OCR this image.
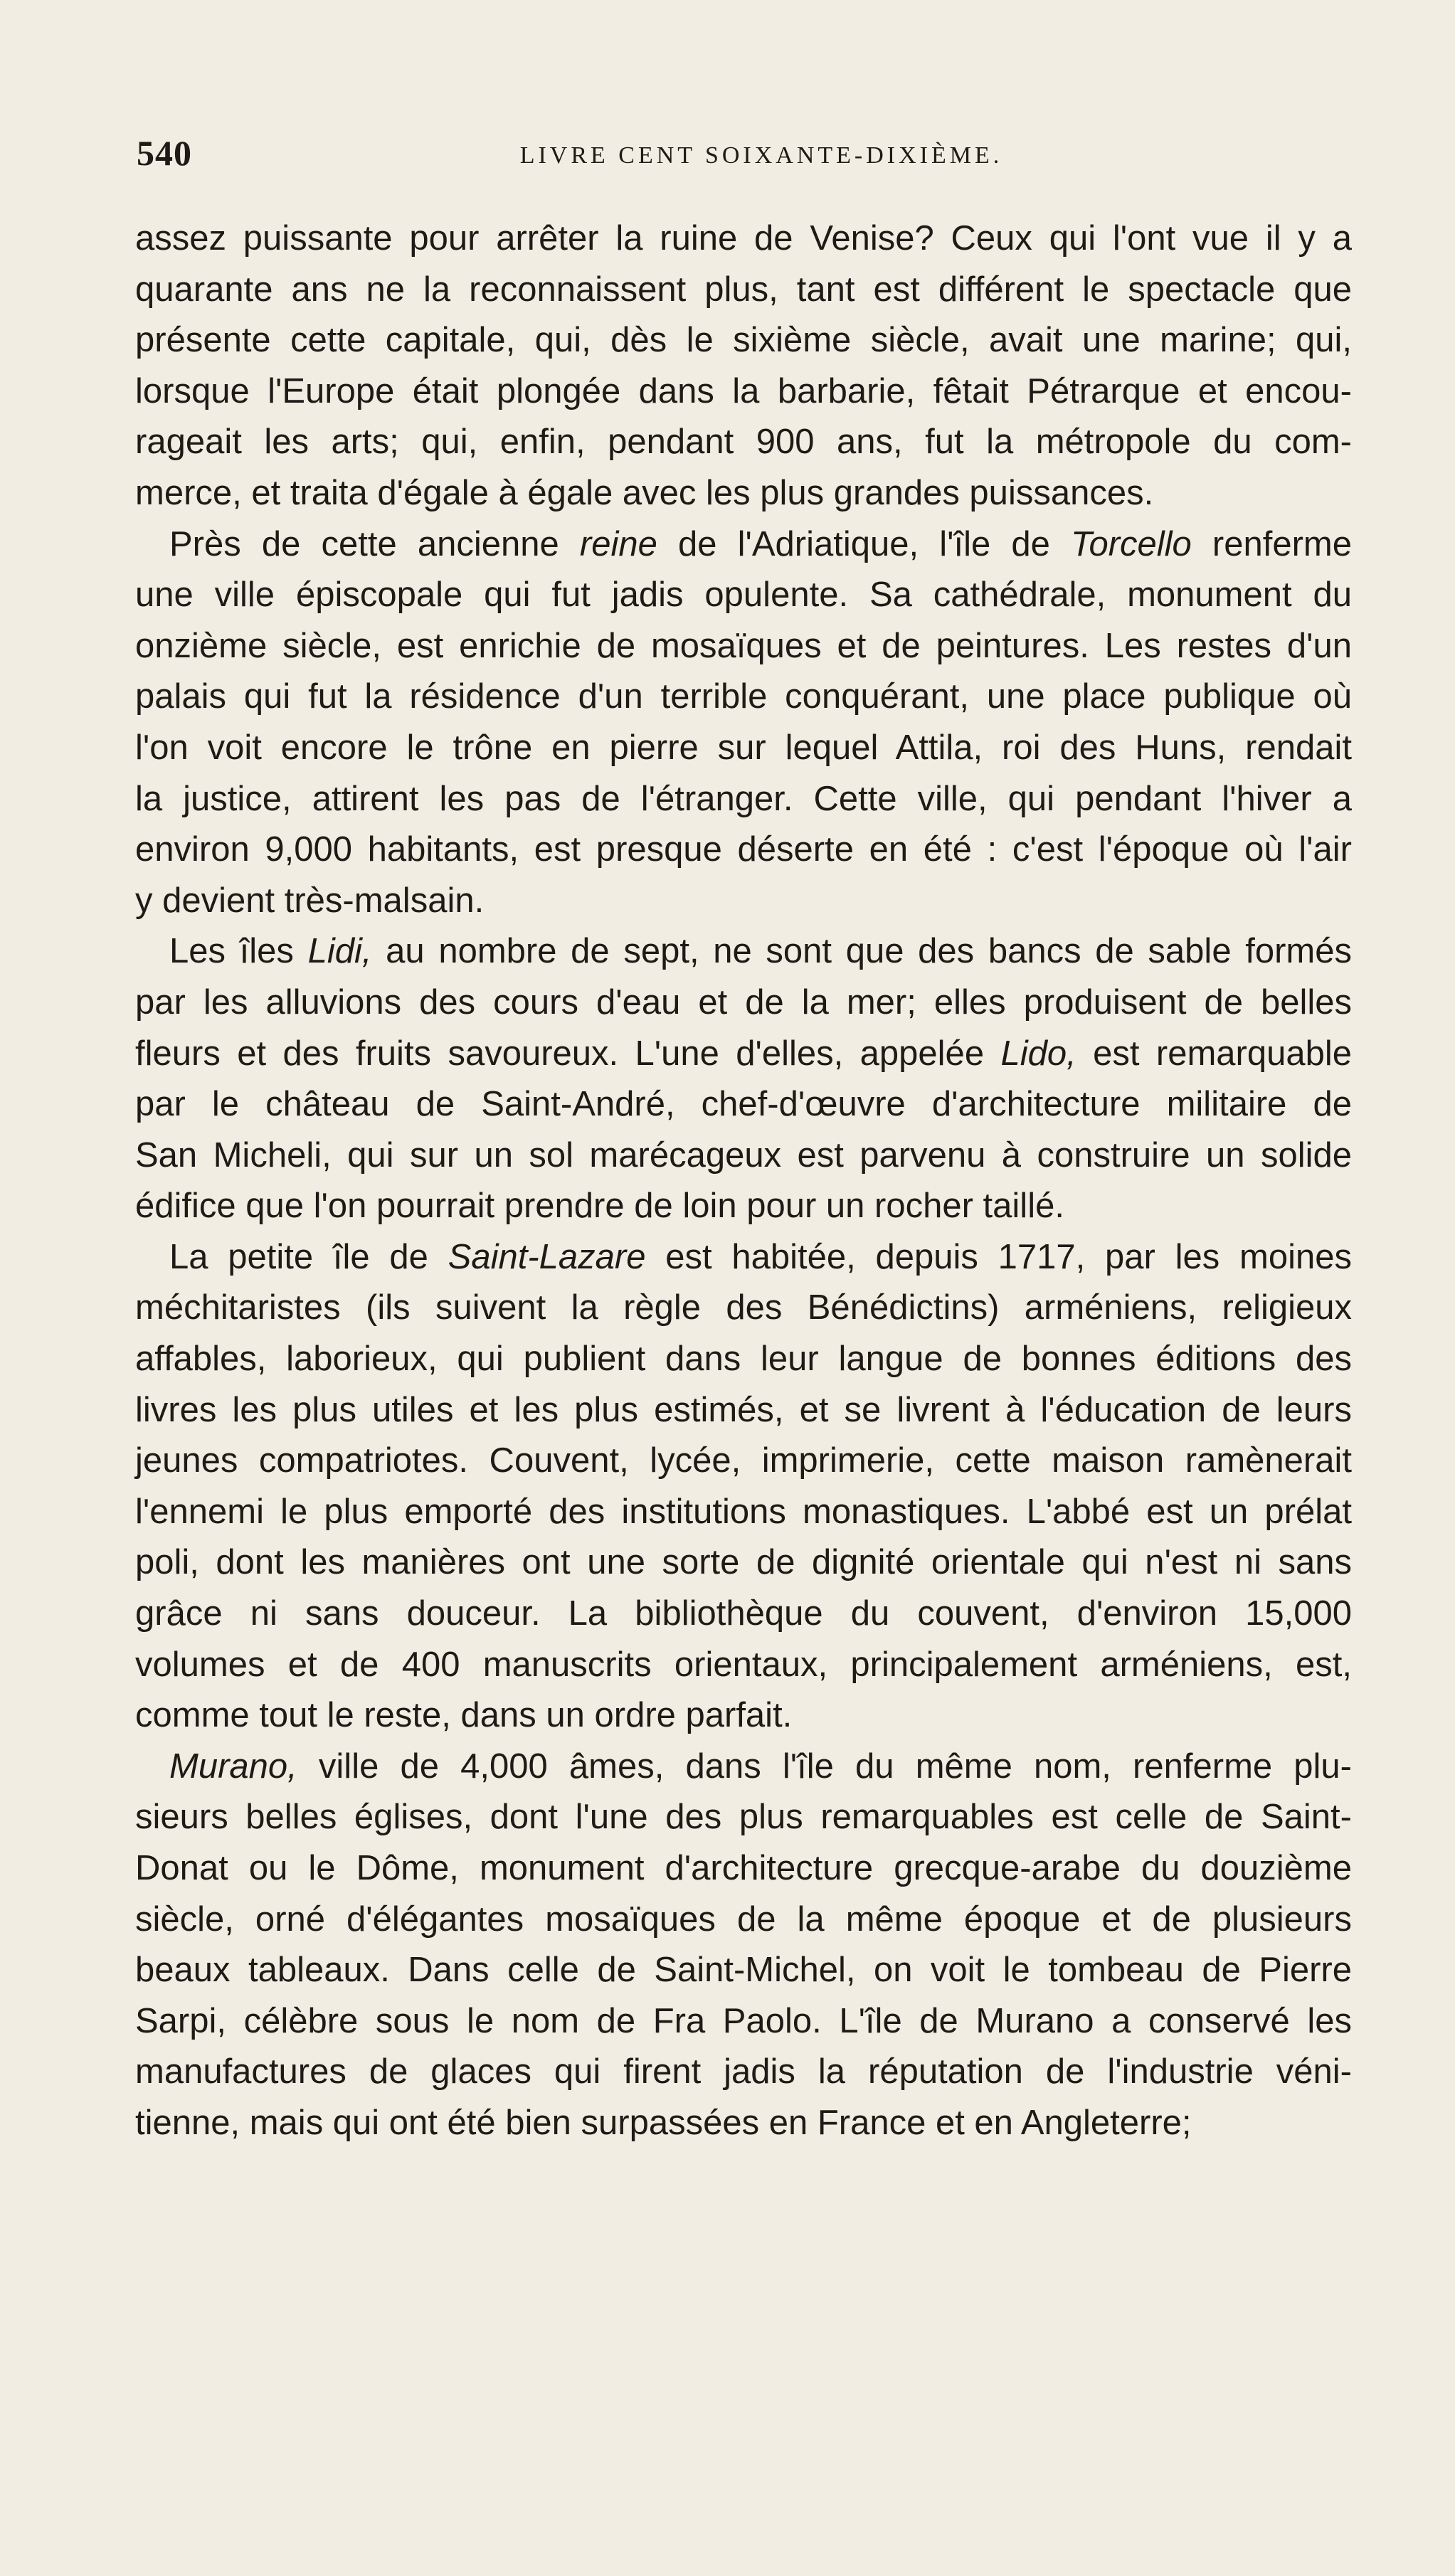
540	LIVRE CENT SOIXANTE-DIXIÈME.
assez puissante pour arrêter la ruine de Venise? Ceux qui l'ont vue il y a
quarante ans ne la reconnaissent plus, tant est différent le spectacle que
présente cette capitale, qui, dès le sixième siècle, avait une marine; qui,
lorsque l'Europe était plongée dans la barbarie, fêtait Pétrarque et encou-
rageait les arts; qui, enfin, pendant 900 ans, fut la métropole du com-
merce, et traita d'égale à égale avec les plus grandes puissances.
Près de cette ancienne reine de l'Adriatique, l'île de Torcello renferme
une ville épiscopale qui fut jadis opulente. Sa cathédrale, monument du
onzième siècle, est enrichie de mosaïques et de peintures. Les restes d'un
palais qui fut la résidence d'un terrible conquérant, une place publique où
l'on voit encore le trône en pierre sur lequel Attila, roi des Huns, rendait
la justice, attirent les pas de l'étranger. Cette ville, qui pendant l'hiver a
environ 9,000 habitants, est presque déserte en été : c'est l'époque où l'air
y devient très-malsain.
Les îles Lidi, au nombre de sept, ne sont que des bancs de sable formés
par les alluvions des cours d'eau et de la mer; elles produisent de belles
fleurs et des fruits savoureux. L'une d'elles, appelée Lido, est remarquable
par le château de Saint-André, chef-d'œuvre d'architecture militaire de
San Micheli, qui sur un sol marécageux est parvenu à construire un solide
édifice que l'on pourrait prendre de loin pour un rocher taillé.
La petite île de Saint-Lazare est habitée, depuis 1717, par les moines
méchitaristes (ils suivent la règle des Bénédictins) arméniens, religieux
affables, laborieux, qui publient dans leur langue de bonnes éditions des
livres les plus utiles et les plus estimés, et se livrent à l'éducation de leurs
jeunes compatriotes. Couvent, lycée, imprimerie, cette maison ramènerait
l'ennemi le plus emporté des institutions monastiques. L'abbé est un prélat
poli, dont les manières ont une sorte de dignité orientale qui n'est ni sans
grâce ni sans douceur. La bibliothèque du couvent, d'environ 15,000
volumes et de 400 manuscrits orientaux, principalement arméniens, est,
comme tout le reste, dans un ordre parfait.
Murano, ville de 4,000 âmes, dans l'île du même nom, renferme plu-
sieurs belles églises, dont l'une des plus remarquables est celle de Saint-
Donat ou le Dôme, monument d'architecture grecque-arabe du douzième
siècle, orné d'élégantes mosaïques de la même époque et de plusieurs
beaux tableaux. Dans celle de Saint-Michel, on voit le tombeau de Pierre
Sarpi, célèbre sous le nom de Fra Paolo. L'île de Murano a conservé les
manufactures de glaces qui firent jadis la réputation de l'industrie véni-
tienne, mais qui ont été bien surpassées en France et en Angleterre;
